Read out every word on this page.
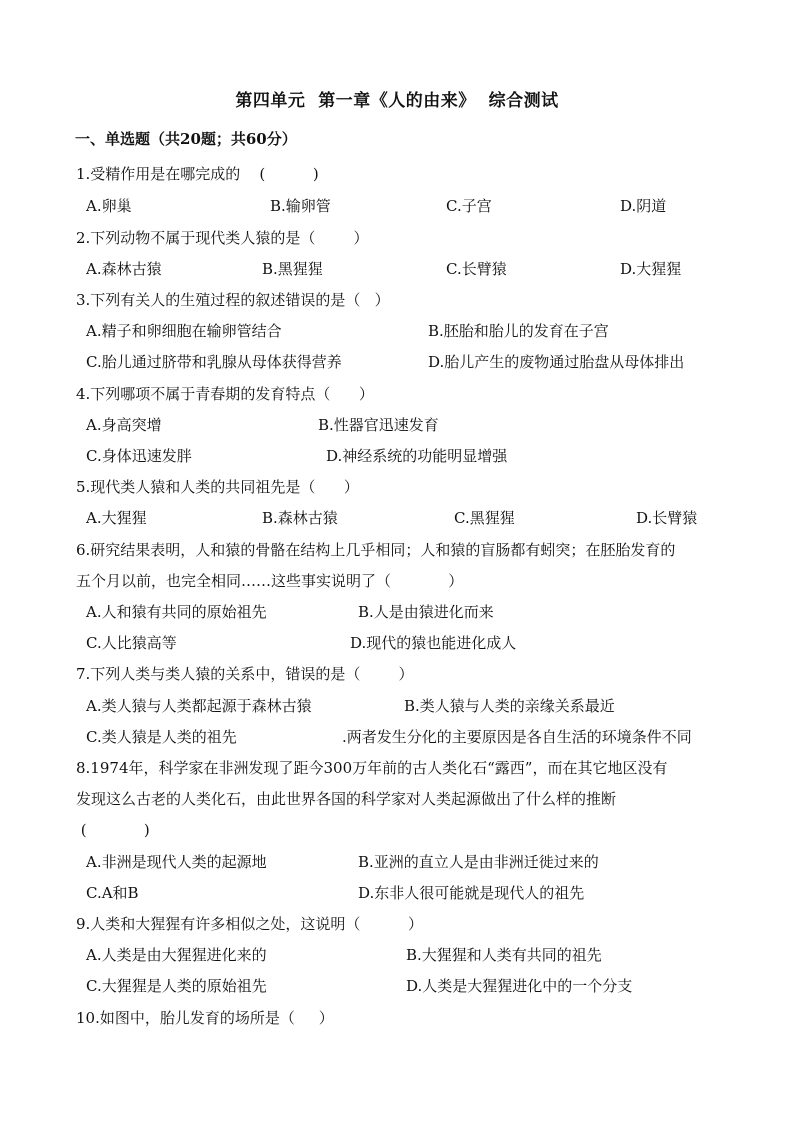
第四单元  第一章《人的由来》  综合测试
一、单选题（共20题；共60分）
1.受精作用是在哪完成的    (          )
A.卵巢	B.输卵管	C.子宫	D.阴道
2.下列动物不属于现代类人猿的是（        ）
A.森林古猿	B.黑猩猩	C.长臂猿	D.大猩猩
3.下列有关人的生殖过程的叙述错误的是（   ）
A.精子和卵细胞在输卵管结合	B.胚胎和胎儿的发育在子宫
C.胎儿通过脐带和乳腺从母体获得营养	D.胎儿产生的废物通过胎盘从母体排出
4.下列哪项不属于青春期的发育特点（      ）
A.身高突增	B.性器官迅速发育
C.身体迅速发胖	D.神经系统的功能明显增强
5.现代类人猿和人类的共同祖先是（      ）
A.大猩猩	B.森林古猿	C.黑猩猩	D.长臂猿
6.研究结果表明，人和猿的骨骼在结构上几乎相同；人和猿的盲肠都有蚓突；在胚胎发育的
五个月以前，也完全相同……这些事实说明了（            ）
A.人和猿有共同的原始祖先	B.人是由猿进化而来
C.人比猿高等	D.现代的猿也能进化成人
7.下列人类与类人猿的关系中，错误的是（        ）
A.类人猿与人类都起源于森林古猿	B.类人猿与人类的亲缘关系最近
C.类人猿是人类的祖先	.两者发生分化的主要原因是各自生活的环境条件不同
8.1974年，科学家在非洲发现了距今300万年前的古人类化石“露西”，而在其它地区没有
发现这么古老的人类化石，由此世界各国的科学家对人类起源做出了什么样的推断
(            )
A.非洲是现代人类的起源地	B.亚洲的直立人是由非洲迁徙过来的
C.A和B	D.东非人很可能就是现代人的祖先
9.人类和大猩猩有许多相似之处，这说明（          ）
A.人类是由大猩猩进化来的	B.大猩猩和人类有共同的祖先
C.大猩猩是人类的原始祖先	D.人类是大猩猩进化中的一个分支
10.如图中，胎儿发育的场所是（     ）
